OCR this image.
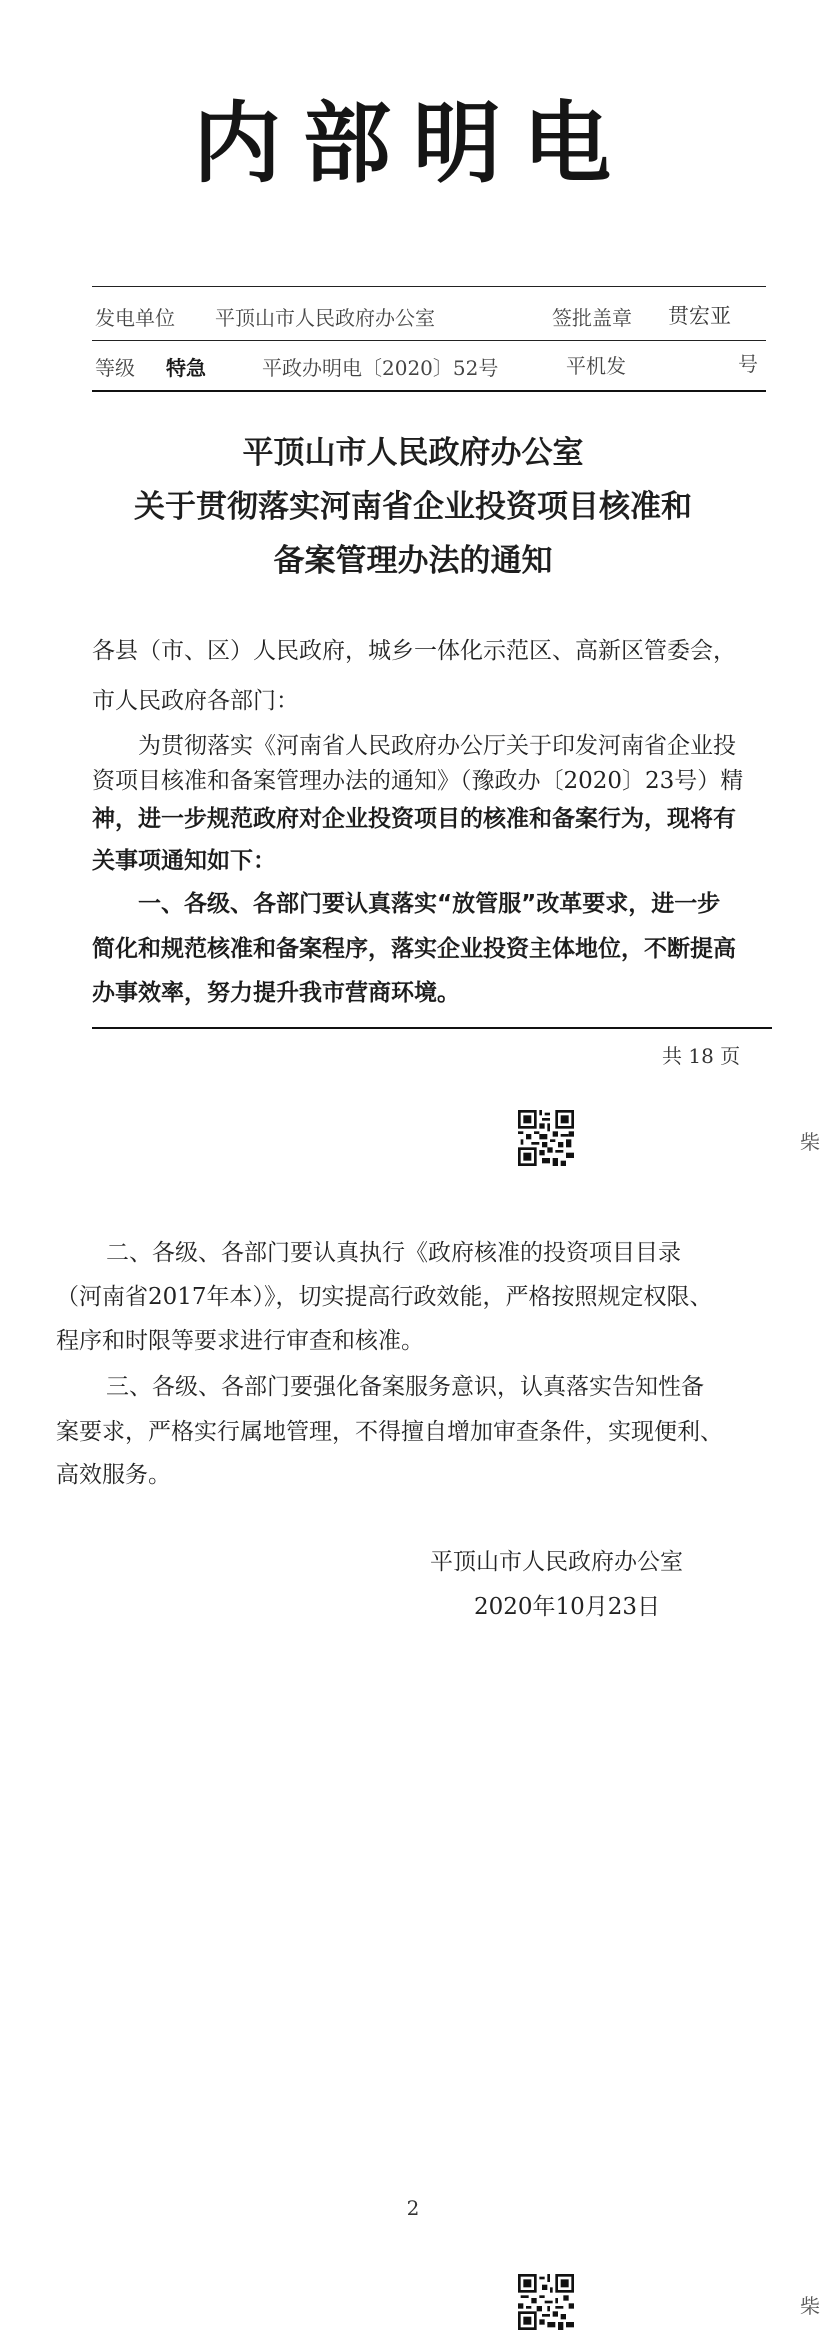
内部明电
发电单位 平顶山市人民政府办公室	签批盖章 贯宏亚
等级 特急	平政办明电〔2020〕52号	平机发	号
平顶山市人民政府办公室
关于贯彻落实河南省企业投资项目核准和
备案管理办法的通知
各县（市、区）人民政府，城乡一体化示范区、高新区管委会，
市人民政府各部门：
为贯彻落实《河南省人民政府办公厅关于印发河南省企业投
资项目核准和备案管理办法的通知》（豫政办〔2020〕23号）精
神，进一步规范政府对企业投资项目的核准和备案行为，现将有
关事项通知如下：
一、各级、各部门要认真落实“放管服”改革要求，进一步
简化和规范核准和备案程序，落实企业投资主体地位，不断提高
办事效率，努力提升我市营商环境。
共 18 页
柴
二、各级、各部门要认真执行《政府核准的投资项目目录
（河南省2017年本）》，切实提高行政效能，严格按照规定权限、
程序和时限等要求进行审查和核准。
三、各级、各部门要强化备案服务意识，认真落实告知性备
案要求，严格实行属地管理，不得擅自增加审查条件，实现便利、
高效服务。
平顶山市人民政府办公室
2020年10月23日
2
柴
